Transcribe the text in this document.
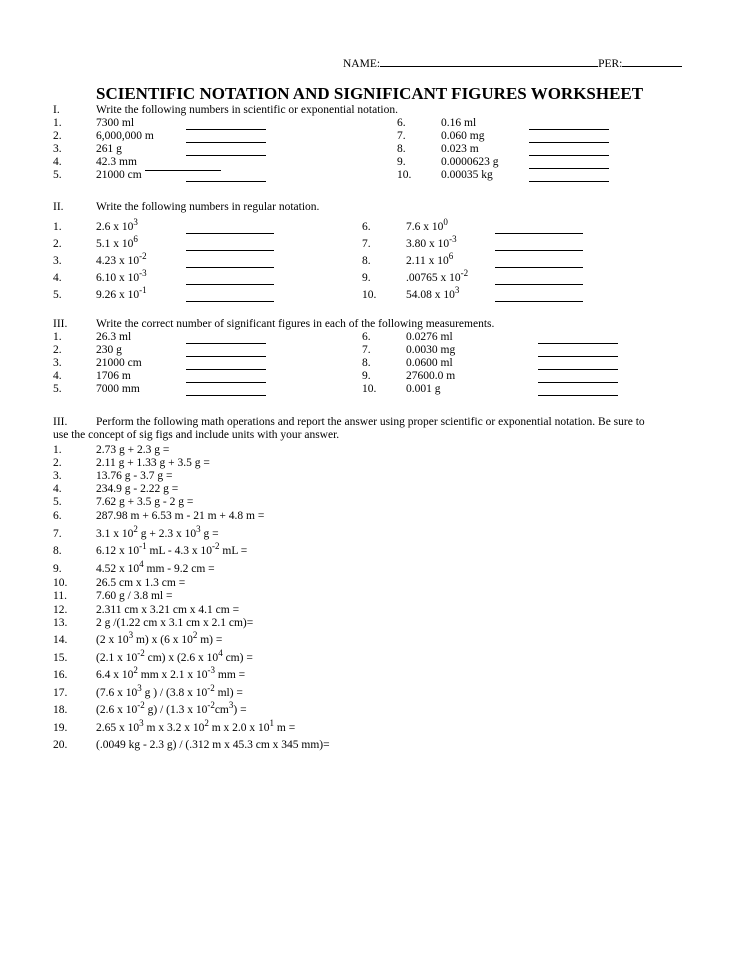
NAME:	PER:
SCIENTIFIC NOTATION AND SIGNIFICANT FIGURES WORKSHEET
I.	Write the following numbers in scientific or exponential notation.
1.	7300 ml
2.	6,000,000 m
3.	261 g
4.	42.3 mm
5.	21000 cm
6.	0.16 ml
7.	0.060 mg
8.	0.023 m
9.	0.0000623 g
10.	0.00035 kg
II.	Write the following numbers in regular notation.
1.	2.6 x $10^3$
2.	5.1 x $10^6$
3.	4.23 x $10^{-2}$
4.	6.10 x $10^{-3}$
5.	9.26 x $10^{-1}$
6.	7.6 x $10^0$
7.	3.80 x $10^{-3}$
8.	2.11 x $10^6$
9.	.00765 x $10^{-2}$
10.	54.08 x $10^3$
III. Write the correct number of significant figures in each of the following measurements.
1.	26.3 ml
2.	230 g
3.	21000 cm
4.	1706 m
5.	7000 mm
6.	0.0276 ml
7.	0.0030 mg
8.	0.0600 ml
9.	27600.0 m
10.	0.001 g
III. Perform the following math operations and report the answer using proper scientific or exponential notation. Be sure to
use the concept of sig figs and include units with your answer.
1.	2.73 g + 2.3 g =
2.	2.11 g + 1.33 g + 3.5 g =
3.	13.76 g - 3.7 g =
4.	234.9 g - 2.22 g =
5.	7.62 g + 3.5 g - 2 g =
6.	287.98 m + 6.53 m - 21 m + 4.8 m =
7.	3.1 x $10^2$ g + 2.3 x $10^3$ g =
8.	6.12 x $10^{-1}$ mL - 4.3 x $10^{-2}$ mL =
9.	4.52 x $10^4$ mm - 9.2 cm =
10. 26.5 cm x 1.3 cm =
11.	7.60 g / 3.8 ml =
12. 2.311 cm x 3.21 cm x 4.1 cm =
13. 2 g /(1.22 cm x 3.1 cm x 2.1 cm)=
14. (2 x $10^3$ m) x (6 x $10^2$ m) =
15. (2.1 x $10^{-2}$ cm) x (2.6 x $10^4$ cm) =
16. 6.4 x $10^2$ mm x 2.1 x $10^{-3}$ mm =
17. (7.6 x $10^3$ g ) / (3.8 x $10^{-2}$ ml) =
18. (2.6 x $10^{-2}$ g) / (1.3 x $10^{-2}cm^3$) =
19. 2.65 x $10^3$ m x 3.2 x $10^2$ m x 2.0 x $10^1$ m =
20. (.0049 kg - 2.3 g) / (.312 m x 45.3 cm x 345 mm)=
